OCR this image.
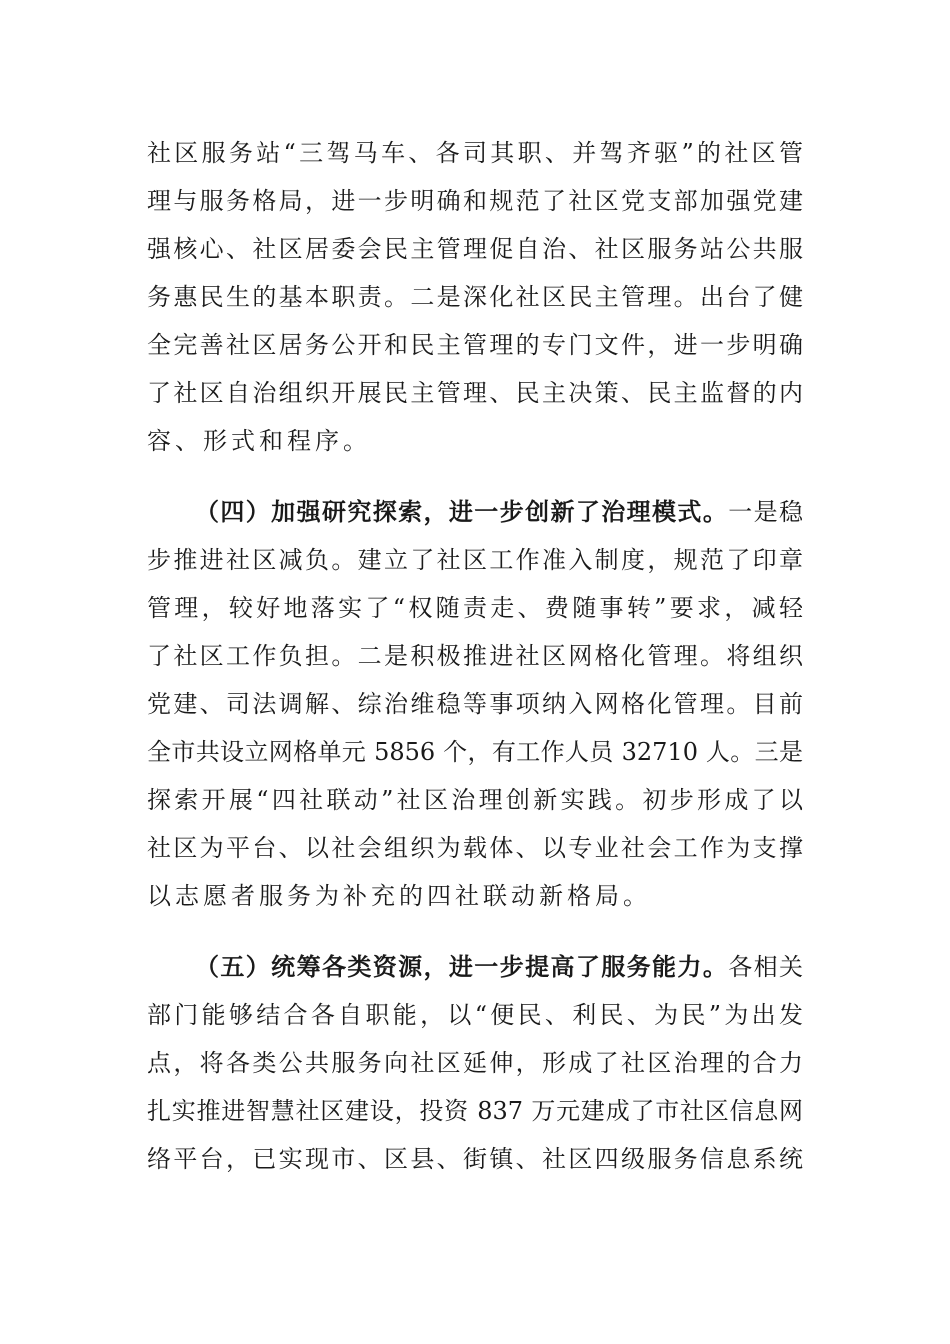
社区服务站“三驾马车、各司其职、并驾齐驱”的社区管
理与服务格局，进一步明确和规范了社区党支部加强党建
强核心、社区居委会民主管理促自治、社区服务站公共服
务惠民生的基本职责。二是深化社区民主管理。出台了健
全完善社区居务公开和民主管理的专门文件，进一步明确
了社区自治组织开展民主管理、民主决策、民主监督的内
容、形式和程序。
（四）加强研究探索，进一步创新了治理模式。一是稳
步推进社区减负。建立了社区工作准入制度，规范了印章
管理，较好地落实了“权随责走、费随事转”要求，减轻
了社区工作负担。二是积极推进社区网格化管理。将组织
党建、司法调解、综治维稳等事项纳入网格化管理。目前
全市共设立网格单元 5856 个，有工作人员 32710 人。三是
探索开展“四社联动”社区治理创新实践。初步形成了以
社区为平台、以社会组织为载体、以专业社会工作为支撑
以志愿者服务为补充的四社联动新格局。
（五）统筹各类资源，进一步提高了服务能力。各相关
部门能够结合各自职能，以“便民、利民、为民”为出发
点，将各类公共服务向社区延伸，形成了社区治理的合力
扎实推进智慧社区建设，投资 837 万元建成了市社区信息网
络平台，已实现市、区县、街镇、社区四级服务信息系统
